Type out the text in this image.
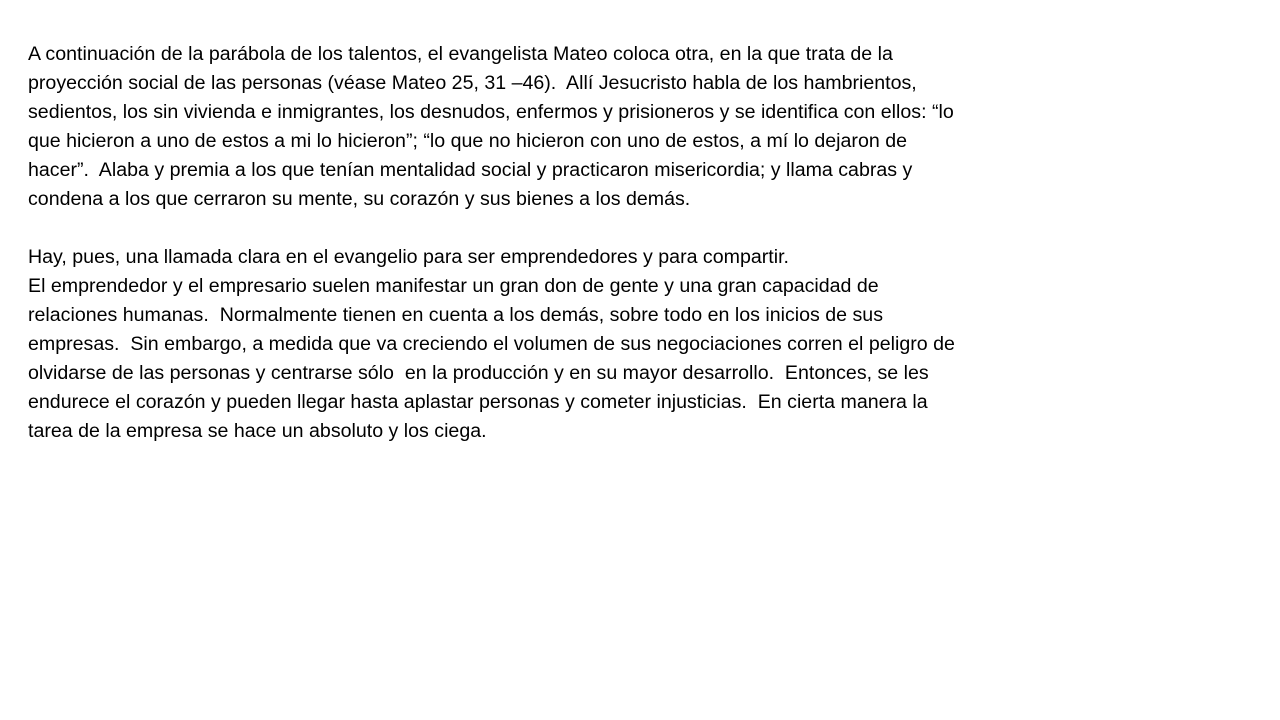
A continuación de la parábola de los talentos, el evangelista Mateo coloca otra, en la que trata de la
proyección social de las personas (véase Mateo 25, 31 –46).  Allí Jesucristo habla de los hambrientos,
sedientos, los sin vivienda e inmigrantes, los desnudos, enfermos y prisioneros y se identifica con ellos: “lo
que hicieron a uno de estos a mi lo hicieron”; “lo que no hicieron con uno de estos, a mí lo dejaron de
hacer”.  Alaba y premia a los que tenían mentalidad social y practicaron misericordia; y llama cabras y
condena a los que cerraron su mente, su corazón y sus bienes a los demás.
Hay, pues, una llamada clara en el evangelio para ser emprendedores y para compartir.
El emprendedor y el empresario suelen manifestar un gran don de gente y una gran capacidad de
relaciones humanas.  Normalmente tienen en cuenta a los demás, sobre todo en los inicios de sus
empresas.  Sin embargo, a medida que va creciendo el volumen de sus negociaciones corren el peligro de
olvidarse de las personas y centrarse sólo  en la producción y en su mayor desarrollo.  Entonces, se les
endurece el corazón y pueden llegar hasta aplastar personas y cometer injusticias.  En cierta manera la
tarea de la empresa se hace un absoluto y los ciega.
